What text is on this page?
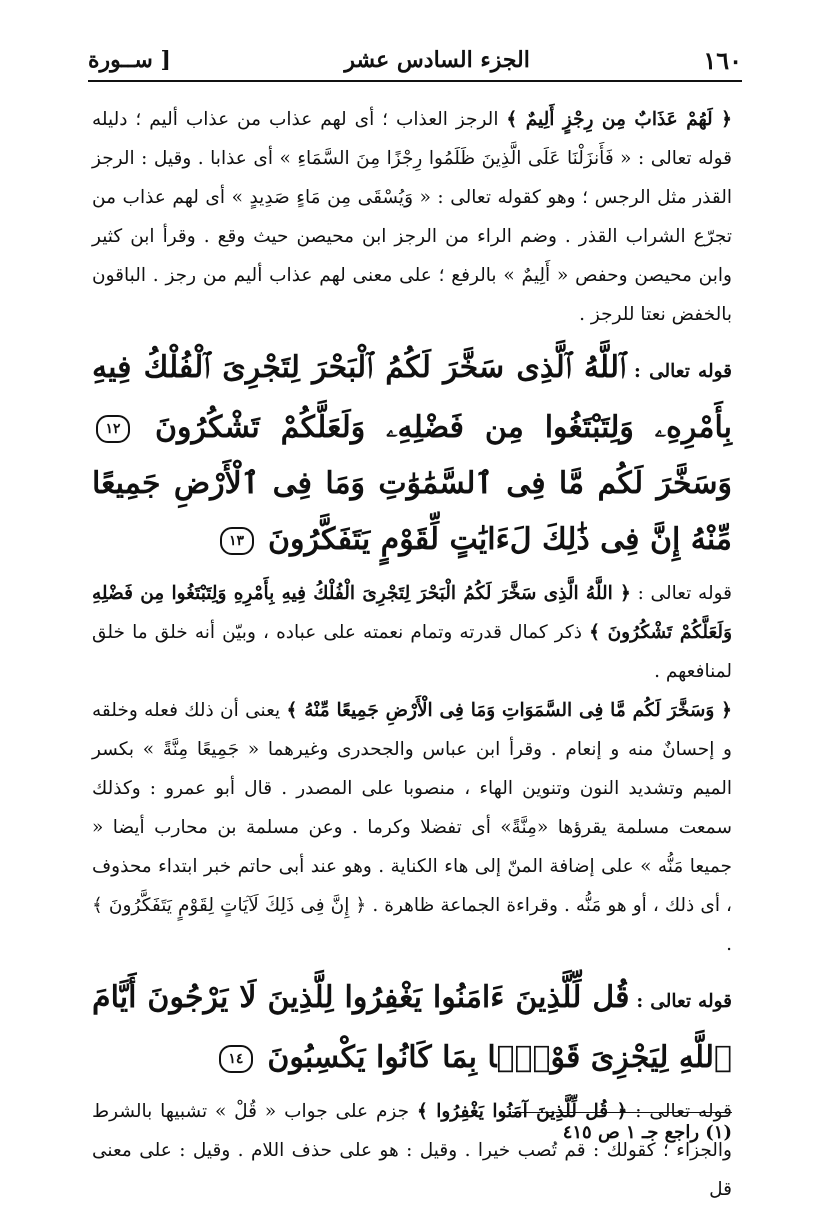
١٦٠
الجزء السادس عشر
[ ســورة

﴿ لَهُمْ عَذَابٌ مِن رِجْزٍ أَلِيمٌ ﴾ الرجز العذاب ؛ أى لهم عذاب من عذاب أليم ؛ دليله قوله تعالى : « فَأَنزَلْنَا عَلَى الَّذِينَ ظَلَمُوا رِجْزًا مِنَ السَّمَاءِ » أى عذابا . وقيل : الرجز القذر مثل الرجس ؛ وهو كقوله تعالى : « وَيُسْقَى مِن مَاءٍ صَدِيدٍ » أى لهم عذاب من تجرّع الشراب القذر . وضم الراء من الرجز ابن محيصن حيث وقع . وقرأ ابن كثير وابن محيصن وحفص « أَلِيمٌ » بالرفع ؛ على معنى لهم عذاب أليم من رجز . الباقون بالخفض نعتا للرجز .

قوله تعالى : ٱللَّهُ ٱلَّذِى سَخَّرَ لَكُمُ ٱلْبَحْرَ لِتَجْرِىَ ٱلْفُلْكُ فِيهِ بِأَمْرِهِۦ وَلِتَبْتَغُوا مِن فَضْلِهِۦ وَلَعَلَّكُمْ تَشْكُرُونَ ١٢ وَسَخَّرَ لَكُم مَّا فِى ٱلسَّمَٰوَٰتِ وَمَا فِى ٱلْأَرْضِ جَمِيعًا مِّنْهُ إِنَّ فِى ذَٰلِكَ لَءَايَٰتٍ لِّقَوْمٍ يَتَفَكَّرُونَ ١٣

قوله تعالى : ﴿ اللَّهُ الَّذِى سَخَّرَ لَكُمُ الْبَحْرَ لِتَجْرِىَ الْفُلْكُ فِيهِ بِأَمْرِهِ وَلِتَبْتَغُوا مِن فَضْلِهِ وَلَعَلَّكُمْ تَشْكُرُونَ ﴾ ذكر كمال قدرته وتمام نعمته على عباده ، وبيّن أنه خلق ما خلق لمنافعهم .

﴿ وَسَخَّرَ لَكُم مَّا فِى السَّمَوَاتِ وَمَا فِى الْأَرْضِ جَمِيعًا مِّنْهُ ﴾ يعنى أن ذلك فعله وخلقه و إحسانٌ منه و إنعام . وقرأ ابن عباس والجحدرى وغيرهما « جَمِيعًا مِنَّةً » بكسر الميم وتشديد النون وتنوين الهاء ، منصوبا على المصدر . قال أبو عمرو : وكذلك سمعت مسلمة يقرؤها «مِنَّةً» أى تفضلا وكرما . وعن مسلمة بن محارب أيضا « جميعا مَنُّه » على إضافة المنّ إلى هاء الكناية . وهو عند أبى حاتم خبر ابتداء محذوف ، أى ذلك ، أو هو مَنُّه . وقراءة الجماعة ظاهرة . ﴿ إِنَّ فِى ذَلِكَ لَآيَاتٍ لِقَوْمٍ يَتَفَكَّرُونَ ﴾ .

قوله تعالى : قُل لِّلَّذِينَ ءَامَنُوا يَغْفِرُوا لِلَّذِينَ لَا يَرْجُونَ أَيَّامَ ٱللَّهِ لِيَجْزِىَ قَوْمًۢا بِمَا كَانُوا يَكْسِبُونَ ١٤

قوله تعالى : ﴿ قُل لِّلَّذِينَ آمَنُوا يَغْفِرُوا ﴾ جزم على جواب « قُلْ » تشبيها بالشرط والجزاء ؛ كقولك : قم تُصب خيرا . وقيل : هو على حذف اللام . وقيل : على معنى قل

(١) راجع جـ ١ ص ٤١٥
